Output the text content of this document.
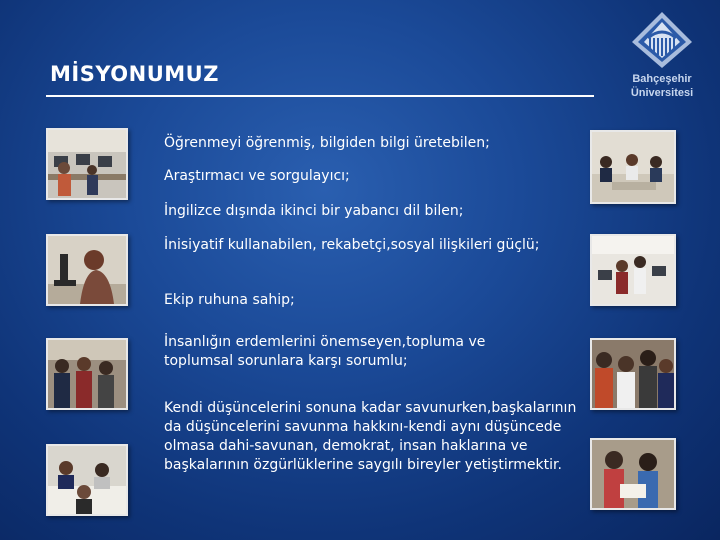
MİSYONUMUZ	Bahçeşehir
Üniversitesi

Öğrenmeyi öğrenmiş, bilgiden bilgi üretebilen;

Araştırmacı ve sorgulayıcı;

İngilizce dışında ikinci bir yabancı dil bilen;

İnisiyatif kullanabilen, rekabetçi,sosyal ilişkileri güçlü;

Ekip ruhuna sahip;

İnsanlığın erdemlerini önemseyen,topluma ve toplumsal sorunlara karşı sorumlu;

Kendi düşüncelerini sonuna kadar savunurken,başkalarının da düşüncelerini savunma hakkını-kendi aynı düşüncede olmasa dahi-savunan, demokrat, insan haklarına ve başkalarının özgürlüklerine saygılı bireyler yetiştirmektir.
